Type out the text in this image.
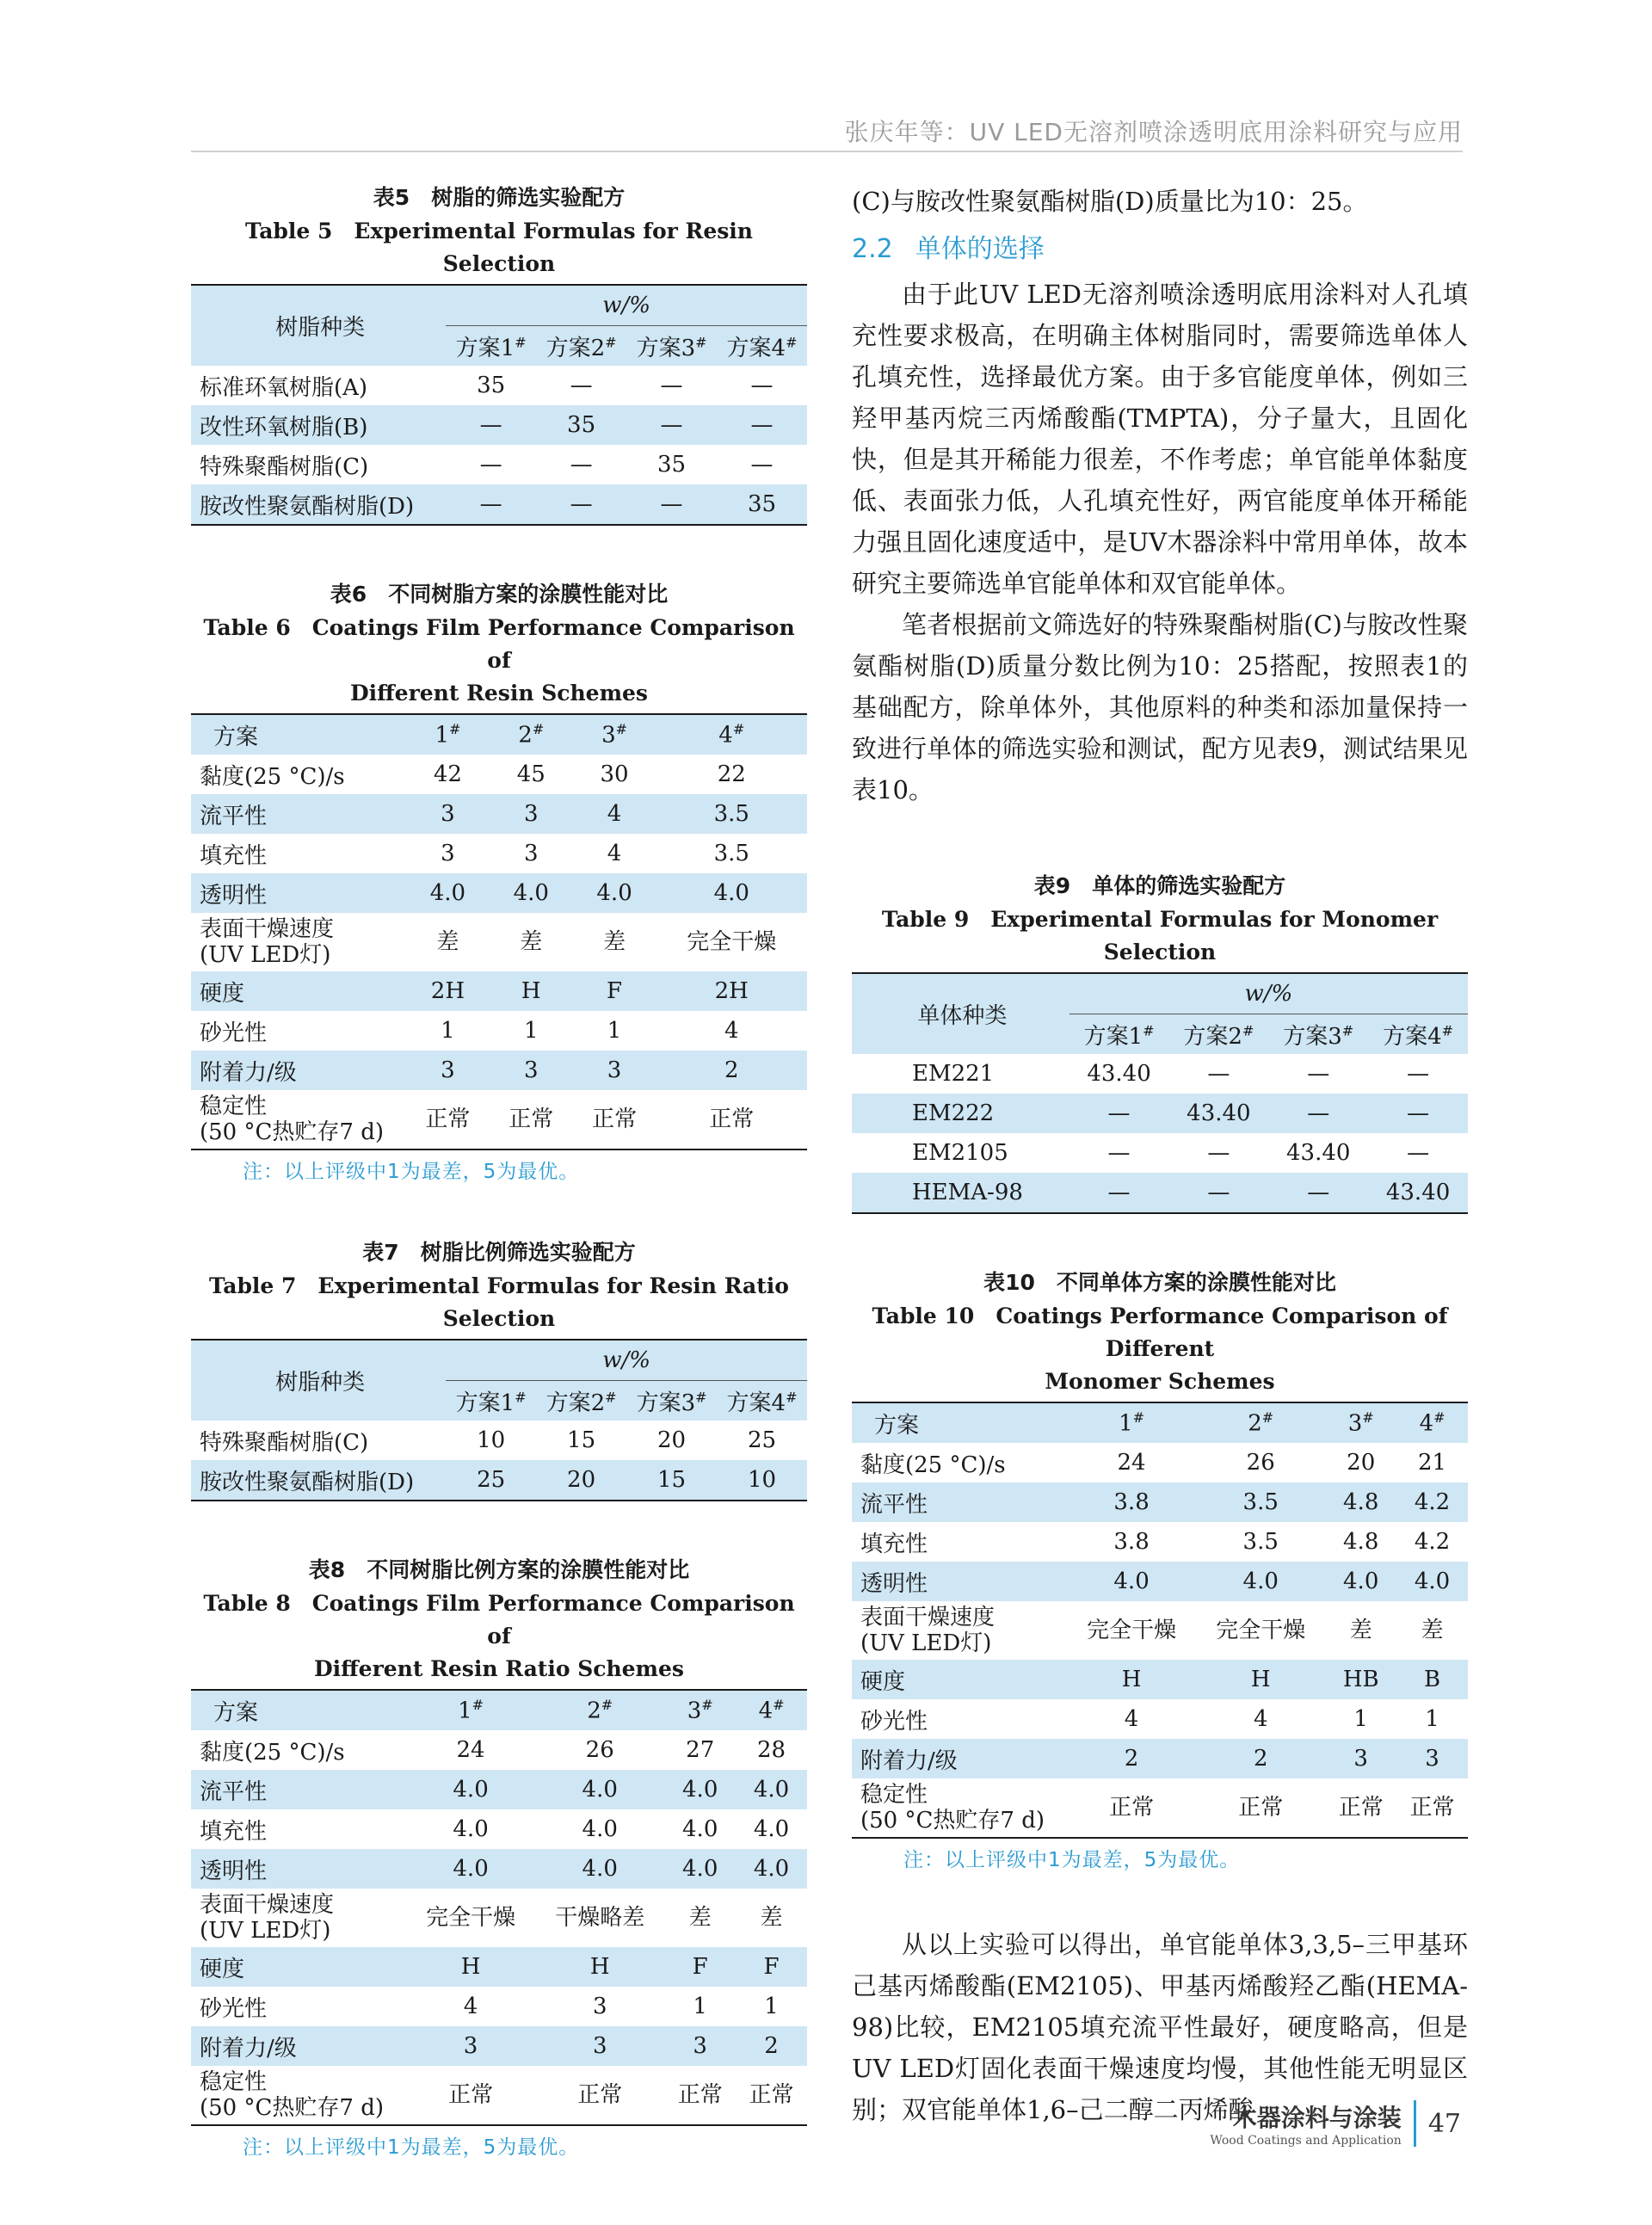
张庆年等：UV LED无溶剂喷涂透明底用涂料研究与应用

表5　树脂的筛选实验配方

Table 5　Experimental Formulas for Resin Selection

树脂种类	w/%			
	方案1#	方案2#	方案3#	方案4#
标准环氧树脂(A)	35	—	—	—
改性环氧树脂(B)	—	35	—	—
特殊聚酯树脂(C)	—	—	35	—
胺改性聚氨酯树脂(D)	—	—	—	35

表6　不同树脂方案的涂膜性能对比

Table 6　Coatings Film Performance Comparison of

Different Resin Schemes

方案	1#	2#	3#	4#
黏度(25 °C)/s	42	45	30	22
流平性	3	3	4	3.5
填充性	3	3	4	3.5
透明性	4.0	4.0	4.0	4.0
表面干燥速度
(UV LED灯)	差	差	差	完全干燥
硬度	2H	H	F	2H
砂光性	1	1	1	4
附着力/级	3	3	3	2
稳定性
(50 °C热贮存7 d)	正常	正常	正常	正常
注：以上评级中1为最差，5为最优。

表7　树脂比例筛选实验配方

Table 7　Experimental Formulas for Resin Ratio Selection

树脂种类	w/%			
	方案1#	方案2#	方案3#	方案4#
特殊聚酯树脂(C)	10	15	20	25
胺改性聚氨酯树脂(D)	25	20	15	10

表8　不同树脂比例方案的涂膜性能对比

Table 8　Coatings Film Performance Comparison of

Different Resin Ratio Schemes

方案	1#	2#	3#	4#
黏度(25 °C)/s	24	26	27	28
流平性	4.0	4.0	4.0	4.0
填充性	4.0	4.0	4.0	4.0
透明性	4.0	4.0	4.0	4.0
表面干燥速度
(UV LED灯)	完全干燥	干燥略差	差	差
硬度	H	H	F	F
砂光性	4	3	1	1
附着力/级	3	3	3	2
稳定性
(50 °C热贮存7 d)	正常	正常	正常	正常
注：以上评级中1为最差，5为最优。

(C)与胺改性聚氨酯树脂(D)质量比为10：25。

2.2 单体的选择

由于此UV LED无溶剂喷涂透明底用涂料对人孔填充性要求极高，在明确主体树脂同时，需要筛选单体人孔填充性，选择最优方案。由于多官能度单体，例如三羟甲基丙烷三丙烯酸酯(TMPTA)，分子量大，且固化快，但是其开稀能力很差，不作考虑；单官能单体黏度低、表面张力低，人孔填充性好，两官能度单体开稀能力强且固化速度适中，是UV木器涂料中常用单体，故本研究主要筛选单官能单体和双官能单体。

笔者根据前文筛选好的特殊聚酯树脂(C)与胺改性聚氨酯树脂(D)质量分数比例为10：25搭配，按照表1的基础配方，除单体外，其他原料的种类和添加量保持一致进行单体的筛选实验和测试，配方见表9，测试结果见表10。

表9　单体的筛选实验配方

Table 9　Experimental Formulas for Monomer Selection

单体种类	w/%			
	方案1#	方案2#	方案3#	方案4#
EM221	43.40	—	—	—
EM222	—	43.40	—	—
EM2105	—	—	43.40	—
HEMA-98	—	—	—	43.40

表10　不同单体方案的涂膜性能对比

Table 10　Coatings Performance Comparison of Different

Monomer Schemes

方案	1#	2#	3#	4#
黏度(25 °C)/s	24	26	20	21
流平性	3.8	3.5	4.8	4.2
填充性	3.8	3.5	4.8	4.2
透明性	4.0	4.0	4.0	4.0
表面干燥速度
(UV LED灯)	完全干燥	完全干燥	差	差
硬度	H	H	HB	B
砂光性	4	4	1	1
附着力/级	2	2	3	3
稳定性
(50 °C热贮存7 d)	正常	正常	正常	正常
注：以上评级中1为最差，5为最优。

从以上实验可以得出，单官能单体3,3,5–三甲基环己基丙烯酸酯(EM2105)、甲基丙烯酸羟乙酯(HEMA-98)比较，EM2105填充流平性最好，硬度略高，但是UV LED灯固化表面干燥速度均慢，其他性能无明显区别；双官能单体1,6–己二醇二丙烯酸

木器涂料与涂装
Wood Coatings and Application
47
